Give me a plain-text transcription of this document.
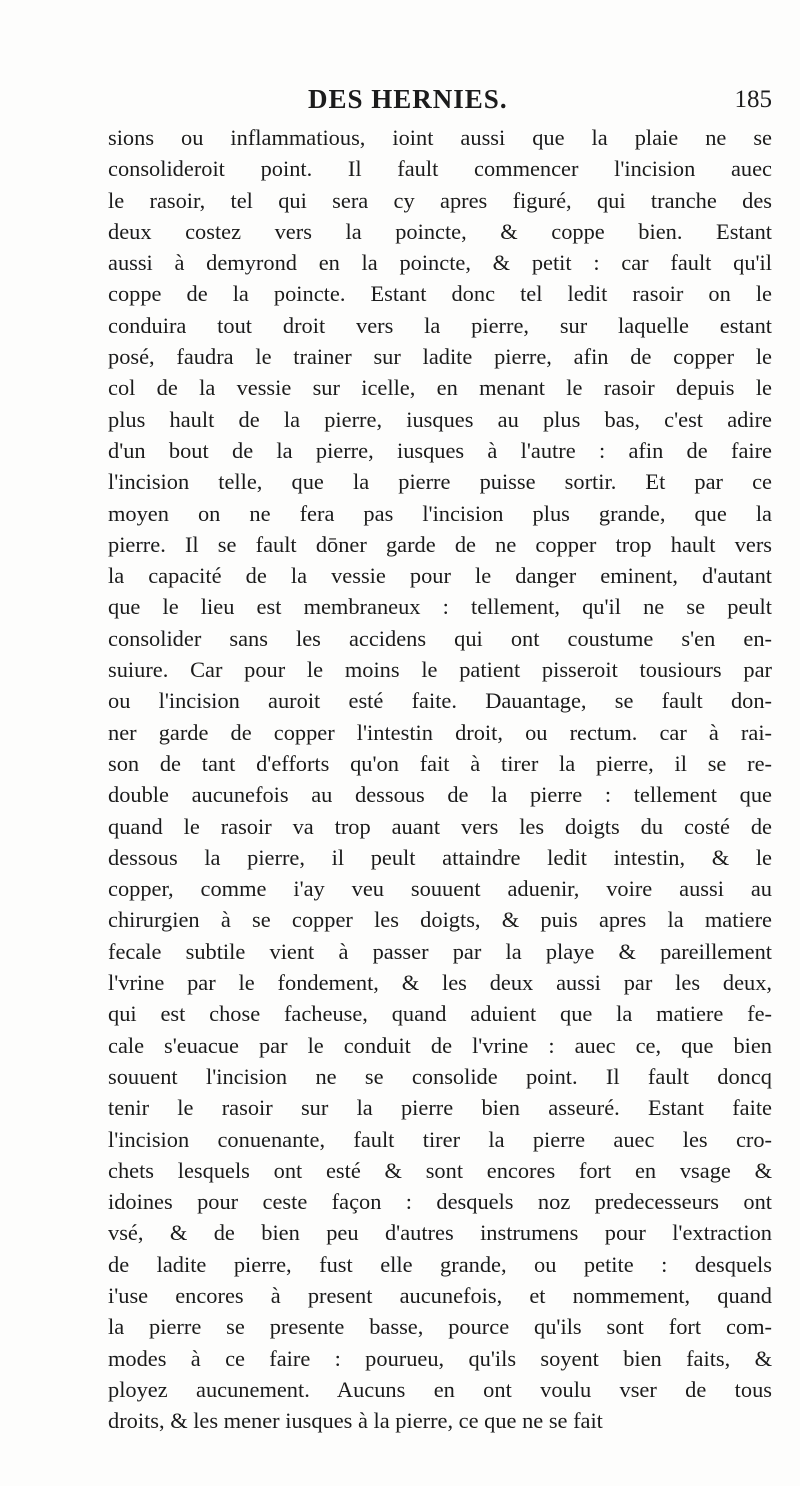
DES HERNIES.	185
sions ou inflammatious, ioint aussi que la plaie ne se
consolideroit point. Il fault commencer l'incision auec
le rasoir, tel qui sera cy apres figuré, qui tranche des
deux costez vers la poincte, & coppe bien. Estant
aussi à demyrond en la poincte, & petit : car fault qu'il
coppe de la poincte. Estant donc tel ledit rasoir on le
conduira tout droit vers la pierre, sur laquelle estant
posé, faudra le trainer sur ladite pierre, afin de copper le
col de la vessie sur icelle, en menant le rasoir depuis le
plus hault de la pierre, iusques au plus bas, c'est adire
d'un bout de la pierre, iusques à l'autre : afin de faire
l'incision telle, que la pierre puisse sortir. Et par ce
moyen on ne fera pas l'incision plus grande, que la
pierre. Il se fault dōner garde de ne copper trop hault vers
la capacité de la vessie pour le danger eminent, d'autant
que le lieu est membraneux : tellement, qu'il ne se peult
consolider sans les accidens qui ont coustume s'en en-
suiure. Car pour le moins le patient pisseroit tousiours par
ou l'incision auroit esté faite. Dauantage, se fault don-
ner garde de copper l'intestin droit, ou rectum. car à rai-
son de tant d'efforts qu'on fait à tirer la pierre, il se re-
double aucunefois au dessous de la pierre : tellement que
quand le rasoir va trop auant vers les doigts du costé de
dessous la pierre, il peult attaindre ledit intestin, & le
copper, comme i'ay veu souuent aduenir, voire aussi au
chirurgien à se copper les doigts, & puis apres la matiere
fecale subtile vient à passer par la playe & pareillement
l'vrine par le fondement, & les deux aussi par les deux,
qui est chose facheuse, quand aduient que la matiere fe-
cale s'euacue par le conduit de l'vrine : auec ce, que bien
souuent l'incision ne se consolide point. Il fault doncq
tenir le rasoir sur la pierre bien asseuré. Estant faite
l'incision conuenante, fault tirer la pierre auec les cro-
chets lesquels ont esté & sont encores fort en vsage &
idoines pour ceste façon : desquels noz predecesseurs ont
vsé, & de bien peu d'autres instrumens pour l'extraction
de ladite pierre, fust elle grande, ou petite : desquels
i'use encores à present aucunefois, et nommement, quand
la pierre se presente basse, pource qu'ils sont fort com-
modes à ce faire : pourueu, qu'ils soyent bien faits, &
ployez aucunement. Aucuns en ont voulu vser de tous
droits, & les mener iusques à la pierre, ce que ne se fait
